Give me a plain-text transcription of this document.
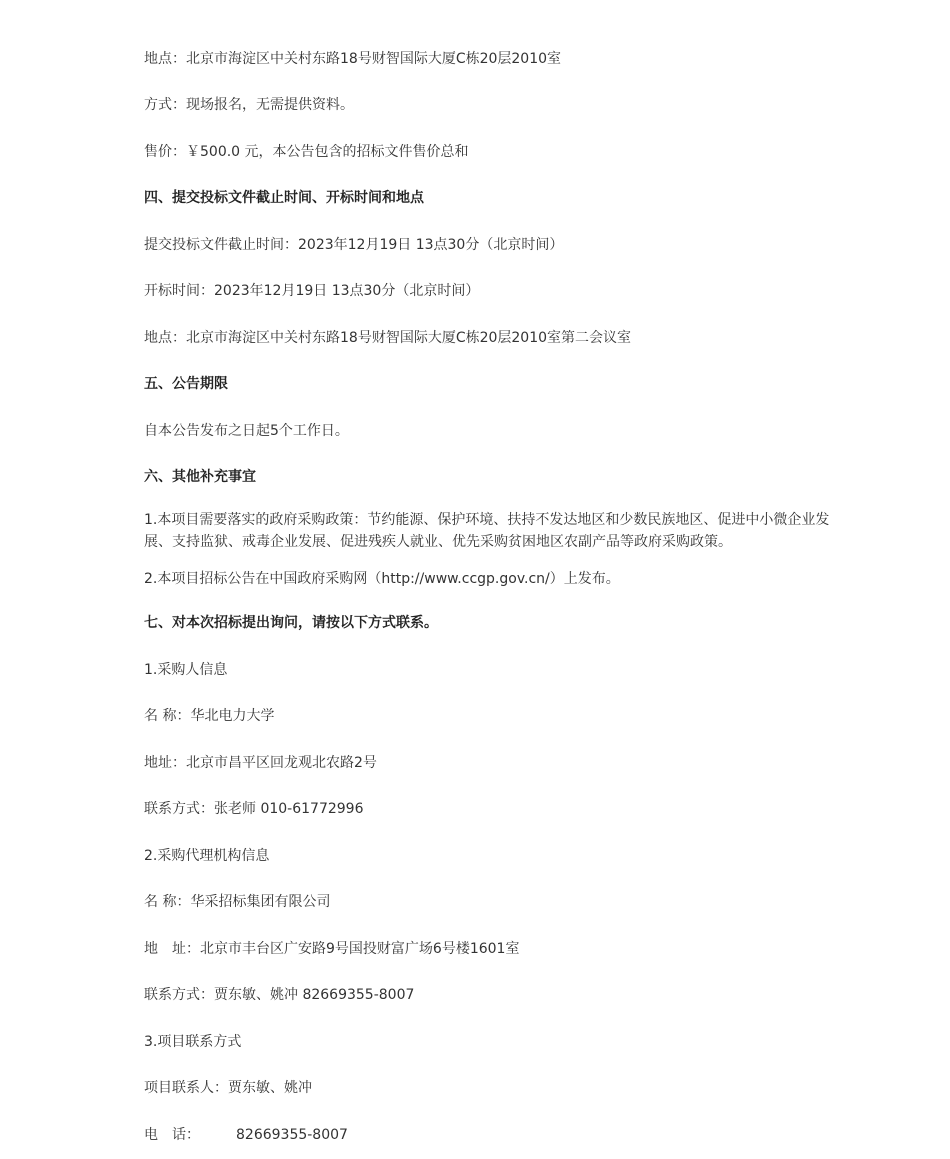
地点：北京市海淀区中关村东路18号财智国际大厦C栋20层2010室
方式：现场报名，无需提供资料。
售价：￥500.0 元，本公告包含的招标文件售价总和
四、提交投标文件截止时间、开标时间和地点
提交投标文件截止时间：2023年12月19日 13点30分（北京时间）
开标时间：2023年12月19日 13点30分（北京时间）
地点：北京市海淀区中关村东路18号财智国际大厦C栋20层2010室第二会议室
五、公告期限
自本公告发布之日起5个工作日。
六、其他补充事宜
1.本项目需要落实的政府采购政策：节约能源、保护环境、扶持不发达地区和少数民族地区、促进中小微企业发展、支持监狱、戒毒企业发展、促进残疾人就业、优先采购贫困地区农副产品等政府采购政策。
2.本项目招标公告在中国政府采购网（http://www.ccgp.gov.cn/）上发布。
七、对本次招标提出询问，请按以下方式联系。
1.采购人信息
名 称：华北电力大学
地址：北京市昌平区回龙观北农路2号
联系方式：张老师 010-61772996
2.采购代理机构信息
名 称：华采招标集团有限公司
地　址：北京市丰台区广安路9号国投财富广场6号楼1601室
联系方式：贾东敏、姚冲 82669355-8007
3.项目联系方式
项目联系人：贾东敏、姚冲
电　话：	82669355-8007
